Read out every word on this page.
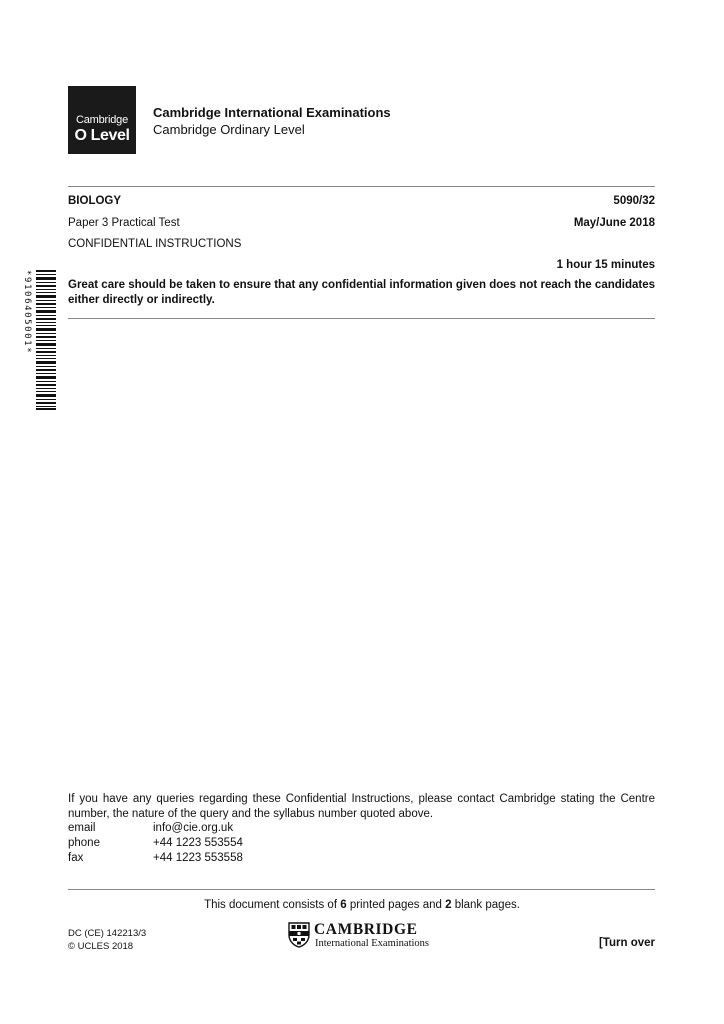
Cambridge
O Level
Cambridge International Examinations
Cambridge Ordinary Level
BIOLOGY	5090/32
Paper 3 Practical Test	May/June 2018
CONFIDENTIAL INSTRUCTIONS
1 hour 15 minutes
Great care should be taken to ensure that any confidential information given does not reach the candidates either directly or indirectly.
*9106405001*
If you have any queries regarding these Confidential Instructions, please contact Cambridge stating the Centre number, the nature of the query and the syllabus number quoted above.
email	info@cie.org.uk
phone	+44 1223 553554
fax	+44 1223 553558
This document consists of 6 printed pages and 2 blank pages.
DC (CE) 142213/3
© UCLES 2018
CAMBRIDGE
International Examinations	[Turn over
